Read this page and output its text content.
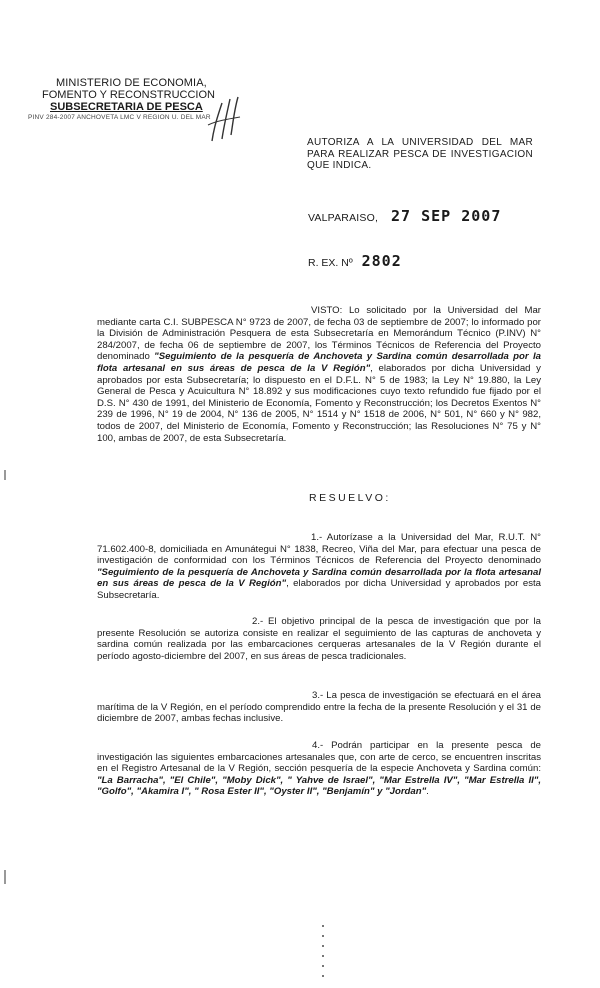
MINISTERIO DE ECONOMIA,
FOMENTO Y RECONSTRUCCION
SUBSECRETARIA DE PESCA
PINV 284-2007 ANCHOVETA LMC V REGION U. DEL MAR
AUTORIZA A LA UNIVERSIDAD DEL MAR PARA REALIZAR PESCA DE INVESTIGACION QUE INDICA.
VALPARAISO, 27 SEP 2007
R. EX. Nº 2802

VISTO: Lo solicitado por la Universidad del Mar mediante carta C.I. SUBPESCA N° 9723 de 2007, de fecha 03 de septiembre de 2007; lo informado por la División de Administración Pesquera de esta Subsecretaría en Memorándum Técnico (P.INV) N° 284/2007, de fecha 06 de septiembre de 2007, los Términos Técnicos de Referencia del Proyecto denominado "Seguimiento de la pesquería de Anchoveta y Sardina común desarrollada por la flota artesanal en sus áreas de pesca de la V Región", elaborados por dicha Universidad y aprobados por esta Subsecretaría; lo dispuesto en el D.F.L. N° 5 de 1983; la Ley N° 19.880, la Ley General de Pesca y Acuicultura N° 18.892 y sus modificaciones cuyo texto refundido fue fijado por el D.S. N° 430 de 1991, del Ministerio de Economía, Fomento y Reconstrucción; los Decretos Exentos N° 239 de 1996, N° 19 de 2004, N° 136 de 2005, N° 1514 y N° 1518 de 2006, N° 501, N° 660 y N° 982, todos de 2007, del Ministerio de Economía, Fomento y Reconstrucción; las Resoluciones N° 75 y N° 100, ambas de 2007, de esta Subsecretaría.

RESUELVO:

1.- Autorízase a la Universidad del Mar, R.U.T. N° 71.602.400-8, domiciliada en Amunátegui N° 1838, Recreo, Viña del Mar, para efectuar una pesca de investigación de conformidad con los Términos Técnicos de Referencia del Proyecto denominado "Seguimiento de la pesquería de Anchoveta y Sardina común desarrollada por la flota artesanal en sus áreas de pesca de la V Región", elaborados por dicha Universidad y aprobados por esta Subsecretaría.

2.- El objetivo principal de la pesca de investigación que por la presente Resolución se autoriza consiste en realizar el seguimiento de las capturas de anchoveta y sardina común realizada por las embarcaciones cerqueras artesanales de la V Región durante el período agosto-diciembre del 2007, en sus áreas de pesca tradicionales.

3.- La pesca de investigación se efectuará en el área marítima de la V Región, en el período comprendido entre la fecha de la presente Resolución y el 31 de diciembre de 2007, ambas fechas inclusive.

4.- Podrán participar en la presente pesca de investigación las siguientes embarcaciones artesanales que, con arte de cerco, se encuentren inscritas en el Registro Artesanal de la V Región, sección pesquería de la especie Anchoveta y Sardina común: "La Barracha", "El Chile", "Moby Dick", " Yahve de Israel", "Mar Estrella IV", "Mar Estrella II", "Golfo", "Akamira I", " Rosa Ester II", "Oyster II", "Benjamín" y "Jordan".
